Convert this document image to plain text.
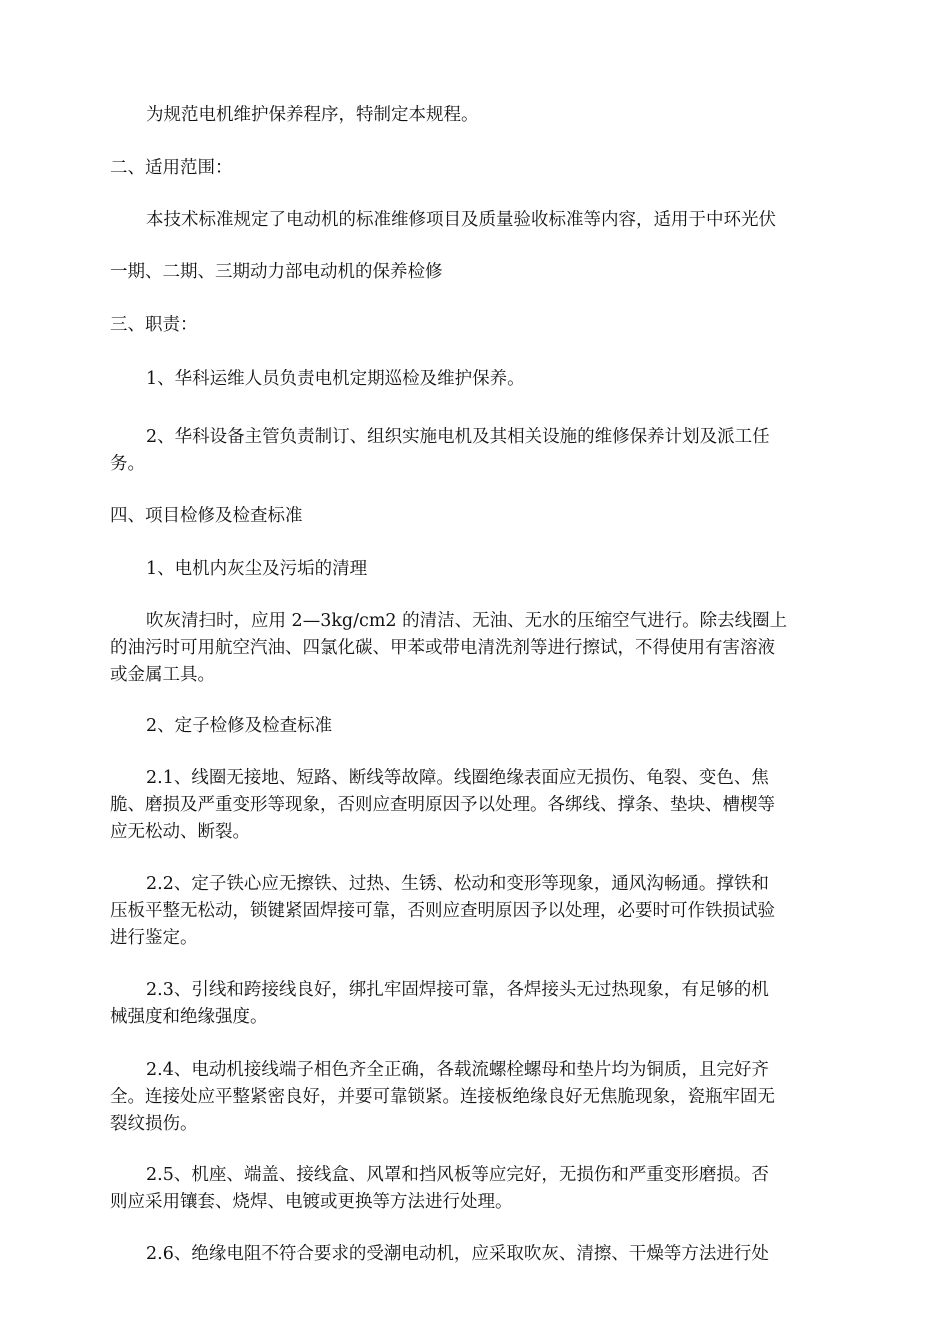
为规范电机维护保养程序，特制定本规程。

二、适用范围：

本技术标准规定了电动机的标准维修项目及质量验收标准等内容，适用于中环光伏

一期、二期、三期动力部电动机的保养检修

三、职责：

1、华科运维人员负责电机定期巡检及维护保养。

2、华科设备主管负责制订、组织实施电机及其相关设施的维修保养计划及派工任
务。

四、项目检修及检查标准

1、电机内灰尘及污垢的清理

吹灰清扫时，应用 2—3kg/cm2 的清洁、无油、无水的压缩空气进行。除去线圈上
的油污时可用航空汽油、四氯化碳、甲苯或带电清洗剂等进行擦试，不得使用有害溶液
或金属工具。

2、定子检修及检查标准

2.1、线圈无接地、短路、断线等故障。线圈绝缘表面应无损伤、龟裂、变色、焦
脆、磨损及严重变形等现象，否则应查明原因予以处理。各绑线、撑条、垫块、槽楔等
应无松动、断裂。

2.2、定子铁心应无擦铁、过热、生锈、松动和变形等现象，通风沟畅通。撑铁和
压板平整无松动，锁键紧固焊接可靠，否则应查明原因予以处理，必要时可作铁损试验
进行鉴定。

2.3、引线和跨接线良好，绑扎牢固焊接可靠，各焊接头无过热现象，有足够的机
械强度和绝缘强度。

2.4、电动机接线端子相色齐全正确，各载流螺栓螺母和垫片均为铜质，且完好齐
全。连接处应平整紧密良好，并要可靠锁紧。连接板绝缘良好无焦脆现象，瓷瓶牢固无
裂纹损伤。

2.5、机座、端盖、接线盒、风罩和挡风板等应完好，无损伤和严重变形磨损。否
则应采用镶套、烧焊、电镀或更换等方法进行处理。

2.6、绝缘电阻不符合要求的受潮电动机，应采取吹灰、清擦、干燥等方法进行处
